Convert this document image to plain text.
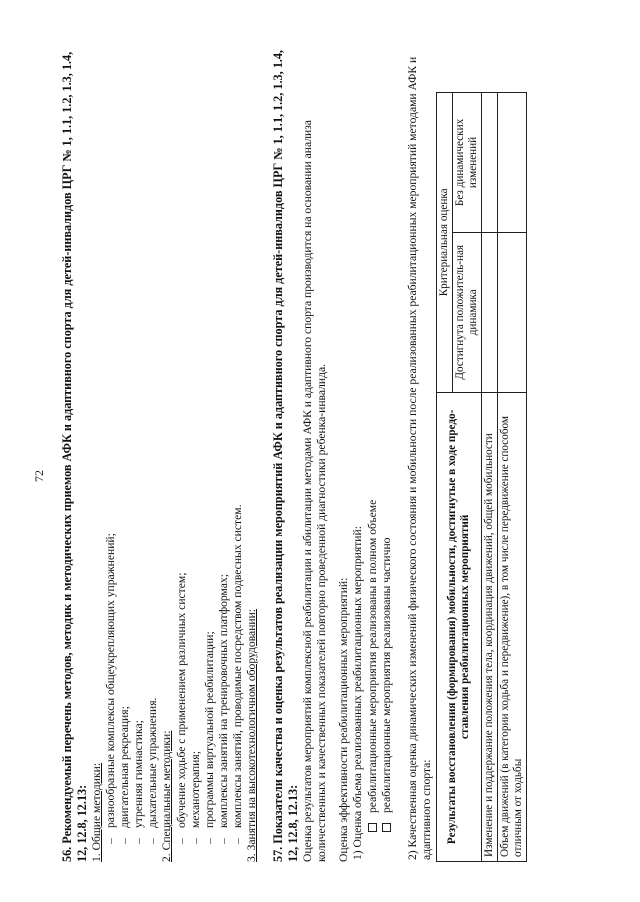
72 56. Рекомендуемый перечень методов, методик и методических приемов АФК и адаптивного спорта для детей-инвалидов ЦРГ № 1, 1.1, 1.2, 1.3, 1.4, 12, 12.8, 12.13: 1. Общие методики: –разнообразные комплексы общеукрепляющих упражнений;

–двигательная рекреация;

–утренняя гимнастика;

–дыхательные упражнения. 2. Специальные методики: –обучение ходьбе с применением различных систем;

–механотерапия;

–программы виртуальной реабилитации;

–комплексы занятий на тренировочных платформах;

–комплексы занятий, проводимые посредством подвесных систем. 3. Занятия на высокотехнологичном оборудовании: 57. Показатели качества и оценка результатов реализации мероприятий АФК и адаптивного спорта для детей-инвалидов ЦРГ № 1, 1.1, 1.2, 1.3, 1.4, 12, 12.8, 12.13: Оценка результатов мероприятий комплексной реабилитации и абилитации методами АФК и адаптивного спорта производится на основании анализа количественных и качественных показателей повторно проведенной диагностики ребенка-инвалида. Оценка эффективности реабилитационных мероприятий: 1) Оценка объема реализованных реабилитационных мероприятий: реабилитационные мероприятия реализованы в полном объеме реабилитационные мероприятия реализованы частично 2) Качественная оценка динамических изменений физического состояния и мобильности после реализованных реабилитационных мероприятий методами АФК и адаптивного спорта: Результаты восстановления (формирования) мобильности, достигнутые в ходе предо-ставления реабилитационных мероприятий	Критериальная оценка	
	Достигнута положитель-ная динамика	Без динамических изменений
Изменение и поддержание положения тела, координация движений, общей мобильности		
Объем движений (в категории ходьба и передвижение), в том числе передвижение способом отличным от ходьбы		
